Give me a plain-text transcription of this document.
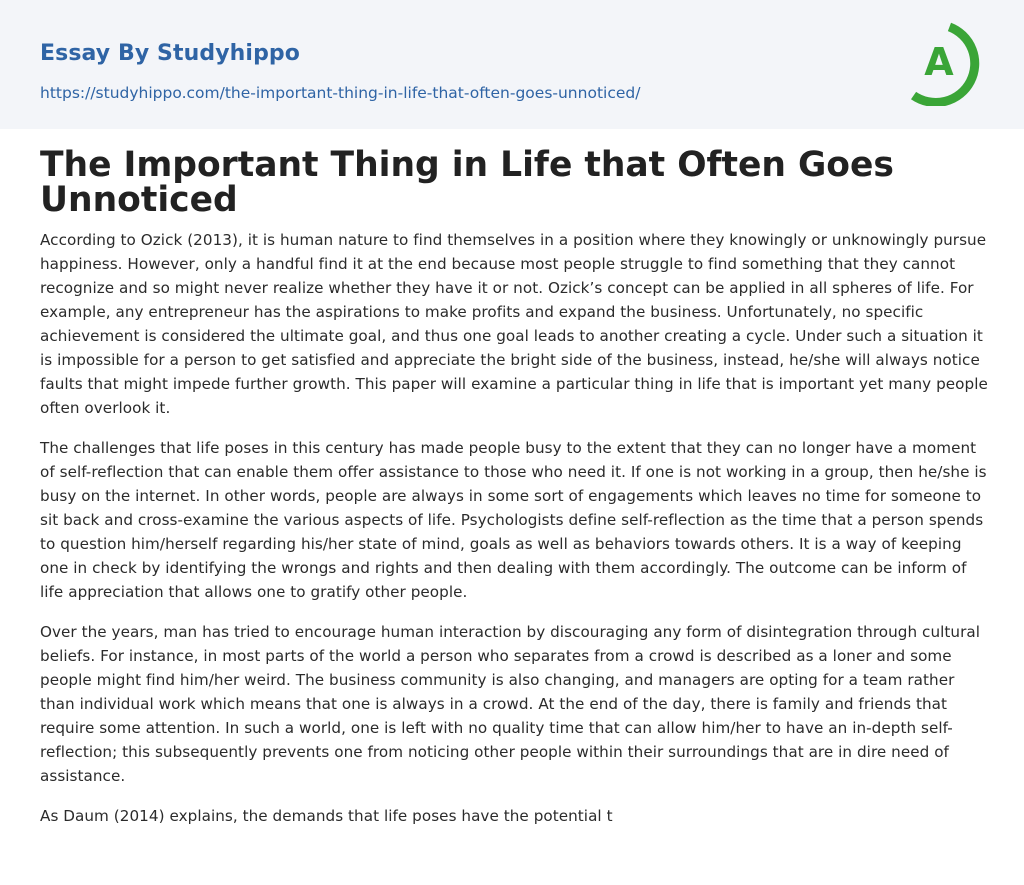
Essay By Studyhippo
https://studyhippo.com/the-important-thing-in-life-that-often-goes-unnoticed/
A
The Important Thing in Life that Often Goes Unnoticed

According to Ozick (2013), it is human nature to find themselves in a position where they knowingly or unknowingly pursue happiness. However, only a handful find it at the end because most people struggle to find something that they cannot recognize and so might never realize whether they have it or not. Ozick’s concept can be applied in all spheres of life. For example, any entrepreneur has the aspirations to make profits and expand the business. Unfortunately, no specific achievement is considered the ultimate goal, and thus one goal leads to another creating a cycle. Under such a situation it is impossible for a person to get satisfied and appreciate the bright side of the business, instead, he/she will always notice faults that might impede further growth. This paper will examine a particular thing in life that is important yet many people often overlook it.

The challenges that life poses in this century has made people busy to the extent that they can no longer have a moment of self-reflection that can enable them offer assistance to those who need it. If one is not working in a group, then he/she is busy on the internet. In other words, people are always in some sort of engagements which leaves no time for someone to sit back and cross-examine the various aspects of life. Psychologists define self-reflection as the time that a person spends to question him/herself regarding his/her state of mind, goals as well as behaviors towards others. It is a way of keeping one in check by identifying the wrongs and rights and then dealing with them accordingly. The outcome can be inform of life appreciation that allows one to gratify other people.

Over the years, man has tried to encourage human interaction by discouraging any form of disintegration through cultural beliefs. For instance, in most parts of the world a person who separates from a crowd is described as a loner and some people might find him/her weird. The business community is also changing, and managers are opting for a team rather than individual work which means that one is always in a crowd. At the end of the day, there is family and friends that require some attention. In such a world, one is left with no quality time that can allow him/her to have an in-depth self-reflection; this subsequently prevents one from noticing other people within their surroundings that are in dire need of assistance.

As Daum (2014) explains, the demands that life poses have the potential t
